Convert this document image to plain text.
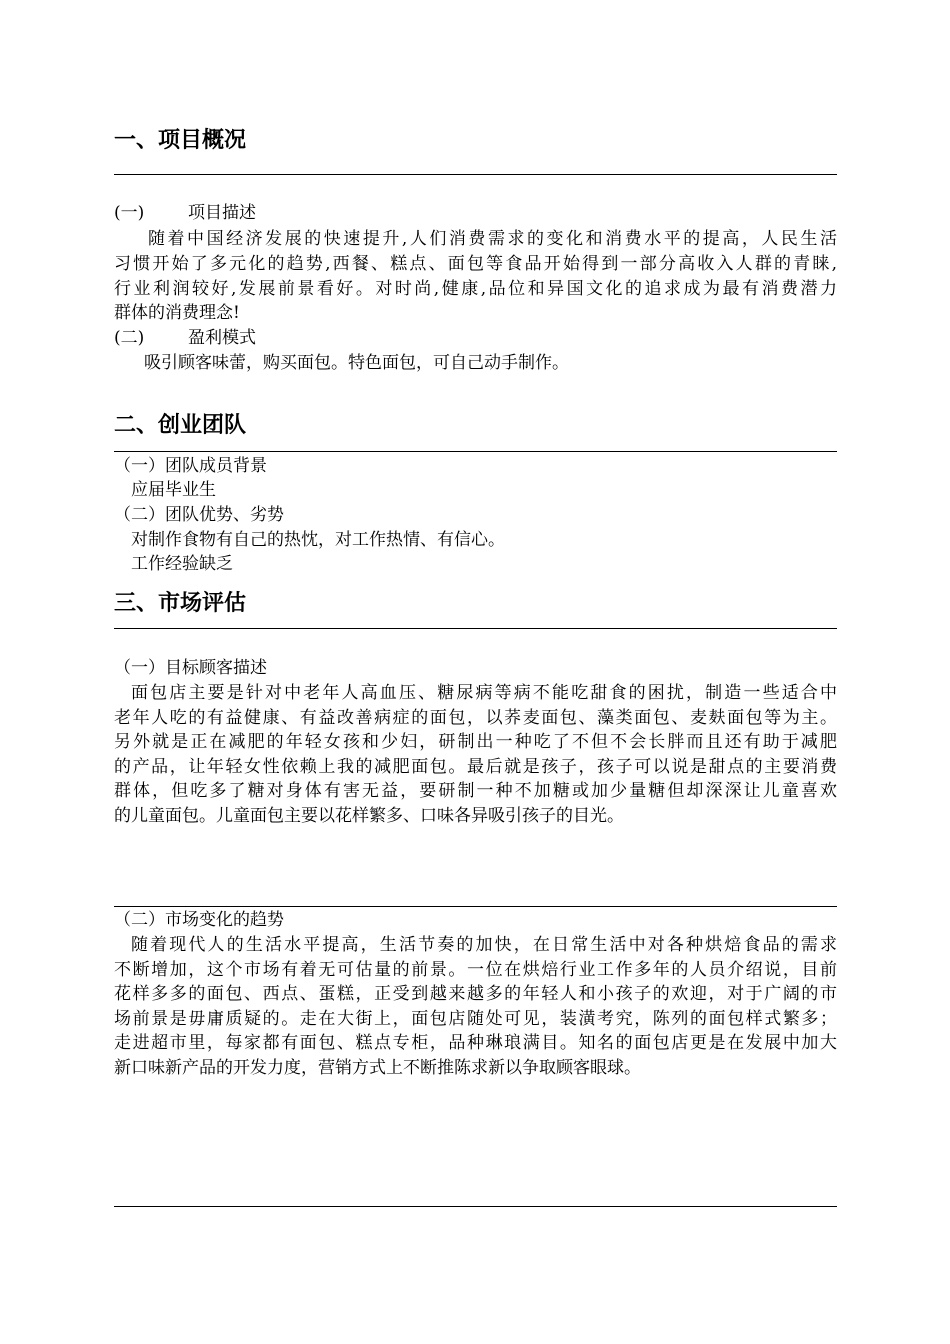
一、项目概况
(一)	项目描述
随着中国经济发展的快速提升,人们消费需求的变化和消费水平的提高，人民生活
习惯开始了多元化的趋势,西餐、糕点、面包等食品开始得到一部分高收入人群的青睐,
行业利润较好,发展前景看好。对时尚,健康,品位和异国文化的追求成为最有消费潜力
群体的消费理念!
(二)	盈利模式
吸引顾客味蕾，购买面包。特色面包，可自己动手制作。
二、创业团队
（一）团队成员背景
应届毕业生
（二）团队优势、劣势
对制作食物有自己的热忱，对工作热情、有信心。
工作经验缺乏
三、市场评估
（一）目标顾客描述
面包店主要是针对中老年人高血压、糖尿病等病不能吃甜食的困扰，制造一些适合中
老年人吃的有益健康、有益改善病症的面包，以荞麦面包、藻类面包、麦麸面包等为主。
另外就是正在减肥的年轻女孩和少妇，研制出一种吃了不但不会长胖而且还有助于减肥
的产品，让年轻女性依赖上我的减肥面包。最后就是孩子，孩子可以说是甜点的主要消费
群体，但吃多了糖对身体有害无益，要研制一种不加糖或加少量糖但却深深让儿童喜欢
的儿童面包。儿童面包主要以花样繁多、口味各异吸引孩子的目光。
（二）市场变化的趋势
随着现代人的生活水平提高，生活节奏的加快，在日常生活中对各种烘焙食品的需求
不断增加，这个市场有着无可估量的前景。一位在烘焙行业工作多年的人员介绍说，目前
花样多多的面包、西点、蛋糕，正受到越来越多的年轻人和小孩子的欢迎，对于广阔的市
场前景是毋庸质疑的。走在大街上，面包店随处可见，装潢考究，陈列的面包样式繁多；
走进超市里，每家都有面包、糕点专柜，品种琳琅满目。知名的面包店更是在发展中加大
新口味新产品的开发力度，营销方式上不断推陈求新以争取顾客眼球。
